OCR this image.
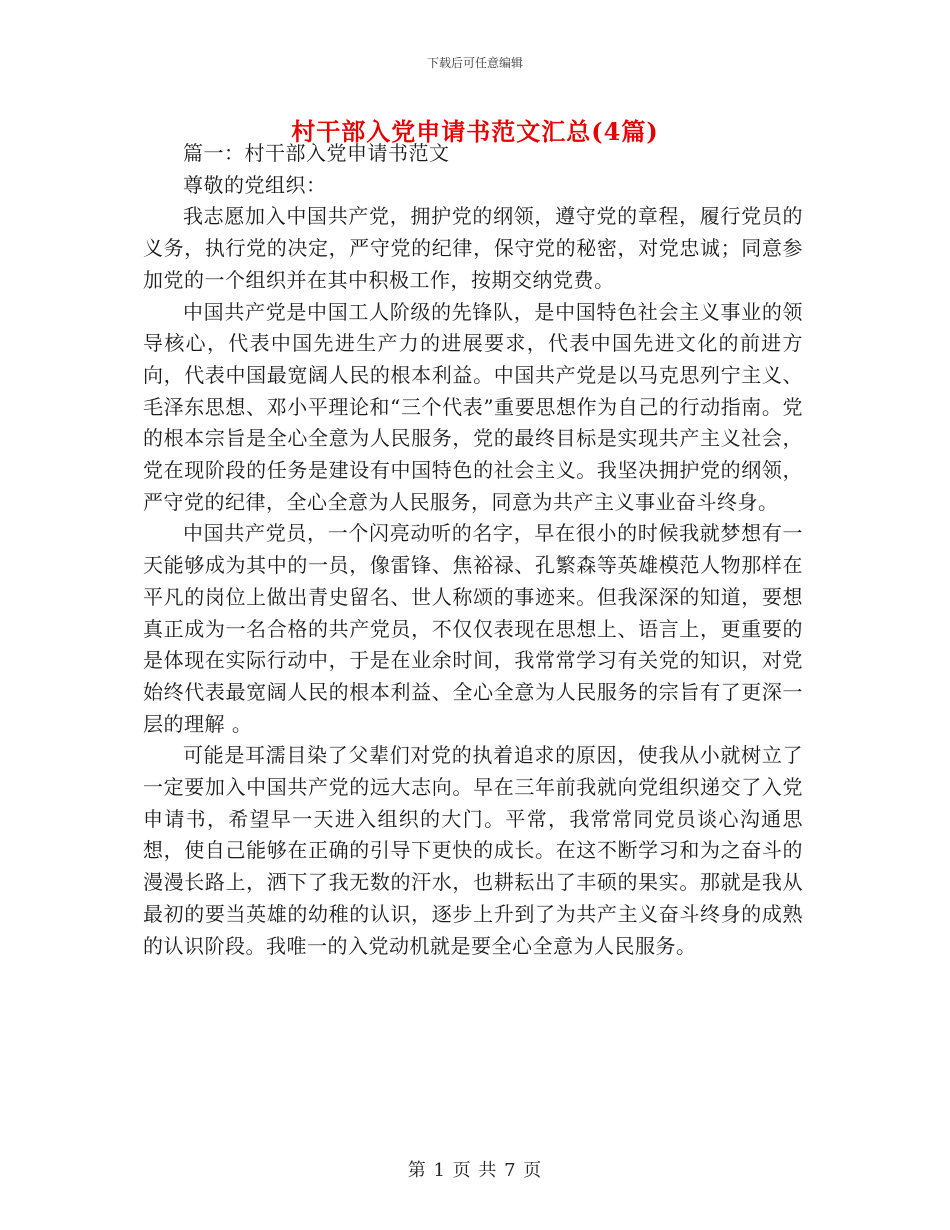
下载后可任意编辑
村干部入党申请书范文汇总(4篇)

篇一：村干部入党申请书范文

尊敬的党组织：

我志愿加入中国共产党，拥护党的纲领，遵守党的章程，履行党员的义务，执行党的决定，严守党的纪律，保守党的秘密，对党忠诚；同意参加党的一个组织并在其中积极工作，按期交纳党费。

中国共产党是中国工人阶级的先锋队，是中国特色社会主义事业的领导核心，代表中国先进生产力的进展要求，代表中国先进文化的前进方向，代表中国最宽阔人民的根本利益。中国共产党是以马克思列宁主义、毛泽东思想、邓小平理论和“三个代表”重要思想作为自己的行动指南。党的根本宗旨是全心全意为人民服务，党的最终目标是实现共产主义社会，党在现阶段的任务是建设有中国特色的社会主义。我坚决拥护党的纲领，严守党的纪律，全心全意为人民服务，同意为共产主义事业奋斗终身。

中国共产党员，一个闪亮动听的名字，早在很小的时候我就梦想有一天能够成为其中的一员，像雷锋、焦裕禄、孔繁森等英雄模范人物那样在平凡的岗位上做出青史留名、世人称颂的事迹来。但我深深的知道，要想真正成为一名合格的共产党员，不仅仅表现在思想上、语言上，更重要的是体现在实际行动中，于是在业余时间，我常常学习有关党的知识，对党始终代表最宽阔人民的根本利益、全心全意为人民服务的宗旨有了更深一层的理解 。

可能是耳濡目染了父辈们对党的执着追求的原因，使我从小就树立了一定要加入中国共产党的远大志向。早在三年前我就向党组织递交了入党申请书，希望早一天进入组织的大门。平常，我常常同党员谈心沟通思想，使自己能够在正确的引导下更快的成长。在这不断学习和为之奋斗的漫漫长路上，洒下了我无数的汗水，也耕耘出了丰硕的果实。那就是我从最初的要当英雄的幼稚的认识，逐步上升到了为共产主义奋斗终身的成熟的认识阶段。我唯一的入党动机就是要全心全意为人民服务。

第 1 页 共 7 页
